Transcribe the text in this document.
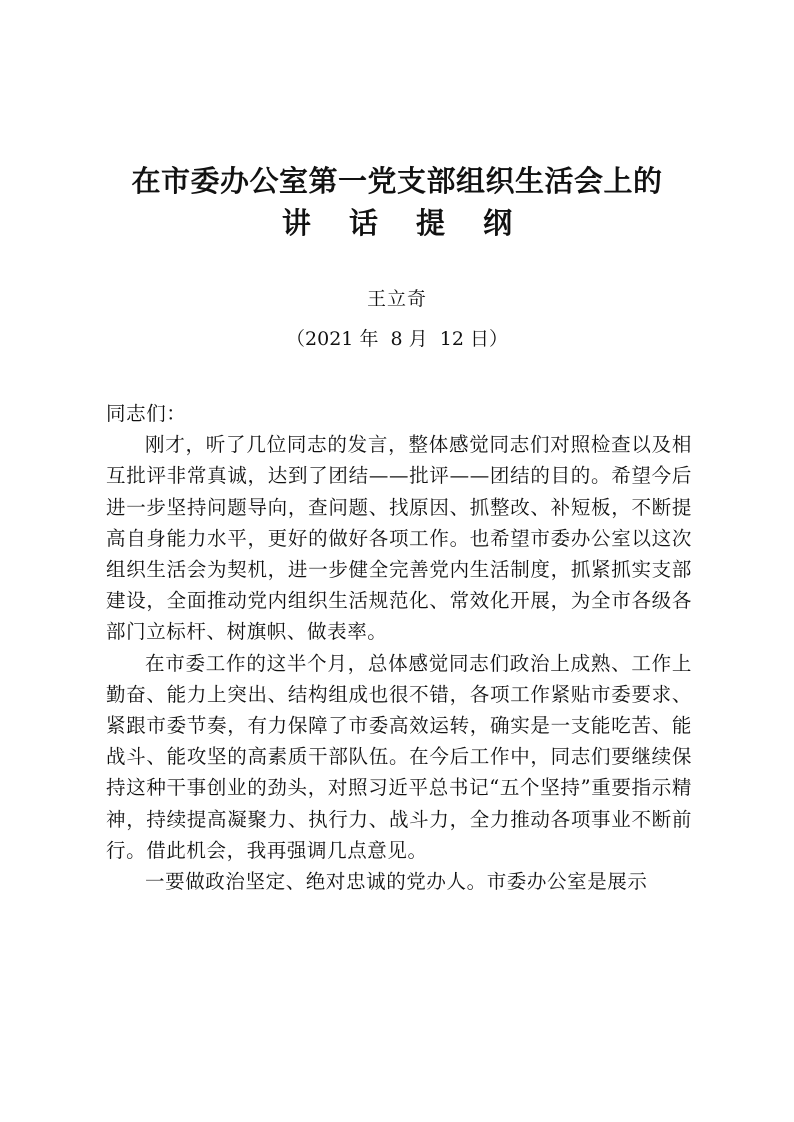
在市委办公室第一党支部组织生活会上的
讲 话 提 纲
王立奇
（2021 年  8 月  12 日）

同志们：

刚才，听了几位同志的发言，整体感觉同志们对照检查以及相互批评非常真诚，达到了团结——批评——团结的目的。希望今后进一步坚持问题导向，查问题、找原因、抓整改、补短板，不断提高自身能力水平，更好的做好各项工作。也希望市委办公室以这次组织生活会为契机，进一步健全完善党内生活制度，抓紧抓实支部建设，全面推动党内组织生活规范化、常效化开展，为全市各级各部门立标杆、树旗帜、做表率。

在市委工作的这半个月，总体感觉同志们政治上成熟、工作上勤奋、能力上突出、结构组成也很不错，各项工作紧贴市委要求、紧跟市委节奏，有力保障了市委高效运转，确实是一支能吃苦、能战斗、能攻坚的高素质干部队伍。在今后工作中，同志们要继续保持这种干事创业的劲头，对照习近平总书记“五个坚持”重要指示精神，持续提高凝聚力、执行力、战斗力，全力推动各项事业不断前行。借此机会，我再强调几点意见。

一要做政治坚定、绝对忠诚的党办人。市委办公室是展示
